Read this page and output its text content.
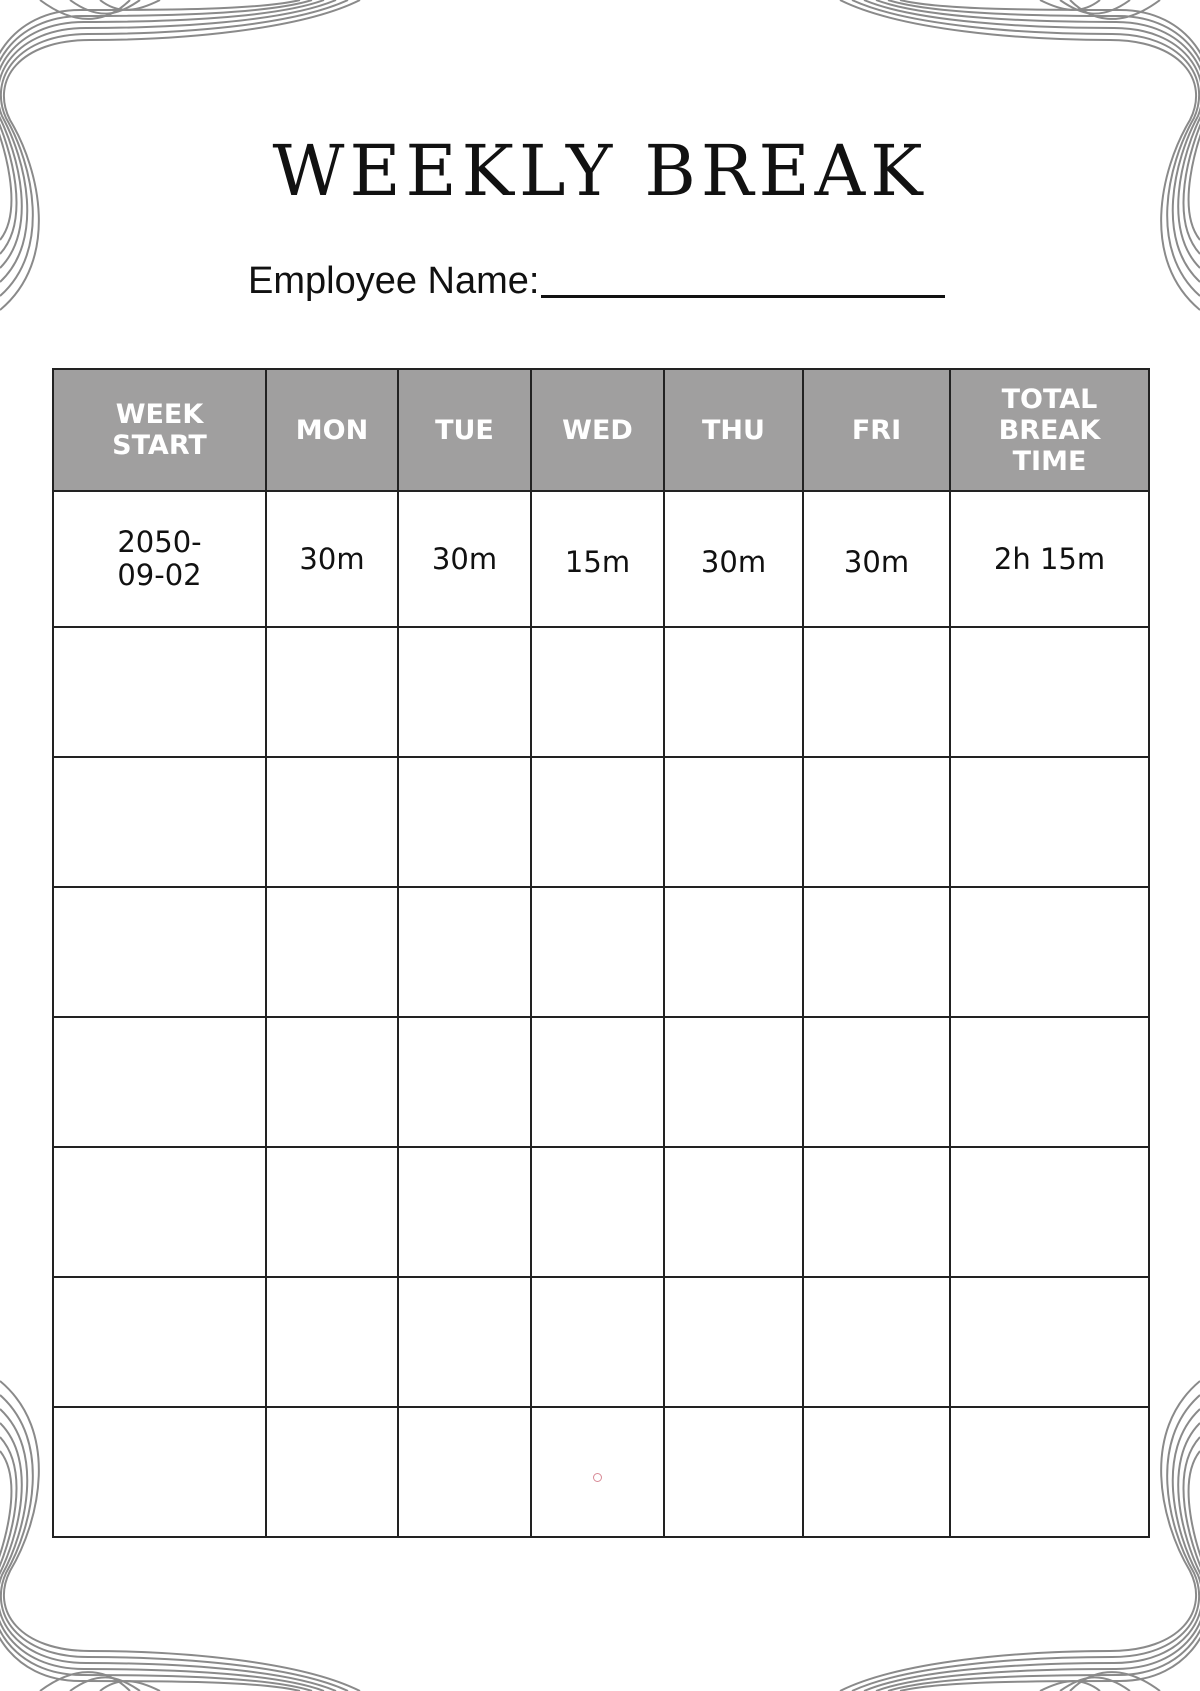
WEEKLY BREAK
Employee Name:
WEEK START	MON	TUE	WED	THU	FRI	TOTAL BREAK TIME
2050-09-02	30m	30m	15m	30m	30m	2h 15m
